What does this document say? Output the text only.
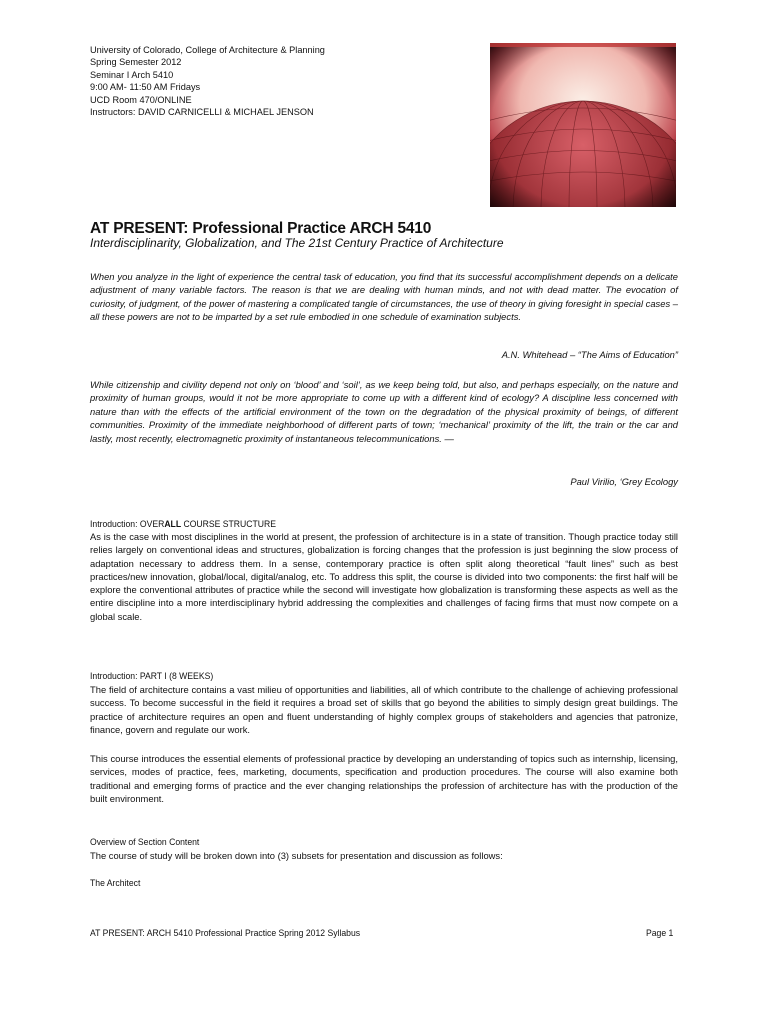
University of Colorado, College of Architecture & Planning
Spring Semester 2012
Seminar I Arch 5410
9:00 AM- 11:50 AM Fridays
UCD Room 470/ONLINE
Instructors: DAVID CARNICELLI & MICHAEL JENSON
AT PRESENT: Professional Practice ARCH 5410
Interdisciplinarity, Globalization, and The 21st Century Practice of Architecture
When you analyze in the light of experience the central task of education, you find that its successful accomplishment depends on a delicate adjustment of many variable factors. The reason is that we are dealing with human minds, and not with dead matter. The evocation of curiosity, of judgment, of the power of mastering a complicated tangle of circumstances, the use of theory in giving foresight in special cases – all these powers are not to be imparted by a set rule embodied in one schedule of examination subjects.
A.N. Whitehead – “The Aims of Education”
While citizenship and civility depend not only on ‘blood’ and ‘soil’, as we keep being told, but also, and perhaps especially, on the nature and proximity of human groups, would it not be more appropriate to come up with a different kind of ecology? A discipline less concerned with nature than with the effects of the artificial environment of the town on the degradation of the physical proximity of beings, of different communities. Proximity of the immediate neighborhood of different parts of town; ‘mechanical’ proximity of the lift, the train or the car and lastly, most recently, electromagnetic proximity of instantaneous telecommunications. —
Paul Virilio, ‘Grey Ecology
Introduction: OVERALL COURSE STRUCTURE
As is the case with most disciplines in the world at present, the profession of architecture is in a state of transition. Though practice today still relies largely on conventional ideas and structures, globalization is forcing changes that the profession is just beginning the slow process of adaptation necessary to address them. In a sense, contemporary practice is often split along theoretical “fault lines” such as best practices/new innovation, global/local, digital/analog, etc. To address this split, the course is divided into two components: the first half will be explore the conventional attributes of practice while the second will investigate how globalization is transforming these aspects as well as the entire discipline into a more interdisciplinary hybrid addressing the complexities and challenges of facing firms that must now compete on a global scale.
Introduction: PART I (8 WEEKS)
The field of architecture contains a vast milieu of opportunities and liabilities, all of which contribute to the challenge of achieving professional success. To become successful in the field it requires a broad set of skills that go beyond the abilities to simply design great buildings. The practice of architecture requires an open and fluent understanding of highly complex groups of stakeholders and agencies that patronize, finance, govern and regulate our work.
This course introduces the essential elements of professional practice by developing an understanding of topics such as internship, licensing, services, modes of practice, fees, marketing, documents, specification and production procedures. The course will also examine both traditional and emerging forms of practice and the ever changing relationships the profession of architecture has with the production of the built environment.
Overview of Section Content
The course of study will be broken down into (3) subsets for presentation and discussion as follows:
The Architect
AT PRESENT: ARCH 5410 Professional Practice Spring 2012 Syllabus	Page 1
